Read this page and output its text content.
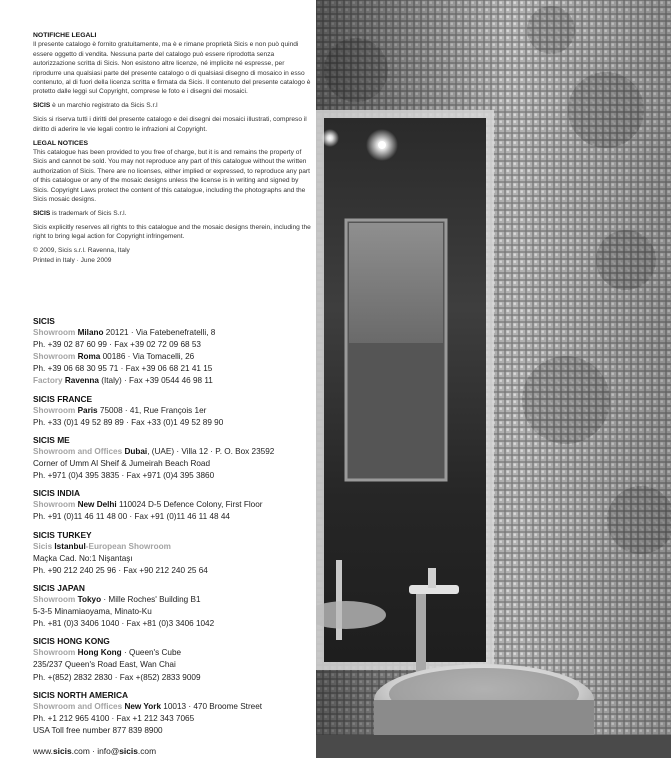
NOTIFICHE LEGALI

Il presente catalogo è fornito gratuitamente, ma è e rimane proprietà Sicis e non può quindi essere oggetto di vendita. Nessuna parte del catalogo può essere riprodotta senza autorizzazione scritta di Sicis. Non esistono altre licenze, né implicite né espresse, per riprodurre una qualsiasi parte del presente catalogo o di qualsiasi disegno di mosaico in esso contenuto, al di fuori della licenza scritta e firmata da Sicis. Il contenuto del presente catalogo è protetto dalle leggi sul Copyright, comprese le foto e i disegni dei mosaici.

SICIS è un marchio registrato da Sicis S.r.l

Sicis si riserva tutti i diritti del presente catalogo e dei disegni dei mosaici illustrati, compreso il diritto di aderire le vie legali contro le infrazioni al Copyright.

LEGAL NOTICES

This catalogue has been provided to you free of charge, but it is and remains the property of Sicis and cannot be sold. You may not reproduce any part of this catalogue without the written authorization of Sicis. There are no licenses, either implied or expressed, to reproduce any part of this catalogue or any of the mosaic designs unless the license is in writing and signed by Sicis. Copyright Laws protect the content of this catalogue, including the photographs and the Sicis mosaic designs.

SICIS is trademark of Sicis S.r.l.

Sicis explicitly reserves all rights to this catalogue and the mosaic designs therein, including the right to bring legal action for Copyright infringement.

© 2009, Sicis s.r.l. Ravenna, Italy
Printed in Italy · June 2009
SICIS
Showroom Milano 20121 · Via Fatebenefratelli, 8
Ph. +39 02 87 60 99 · Fax +39 02 72 09 68 53
Showroom Roma 00186 · Via Tomacelli, 26
Ph. +39 06 68 30 95 71 · Fax +39 06 68 21 41 15
Factory Ravenna (Italy) · Fax +39 0544 46 98 11
SICIS FRANCE
Showroom Paris 75008 · 41, Rue François 1er
Ph. +33 (0)1 49 52 89 89 · Fax +33 (0)1 49 52 89 90
SICIS ME
Showroom and Offices Dubai, (UAE) · Villa 12 · P. O. Box 23592
Corner of Umm Al Sheif & Jumeirah Beach Road
Ph. +971 (0)4 395 3835 · Fax +971 (0)4 395 3860
SICIS INDIA
Showroom New Delhi 110024 D-5 Defence Colony, First Floor
Ph. +91 (0)11 46 11 48 00 · Fax +91 (0)11 46 11 48 44
SICIS TURKEY
Sicis Istanbul-European Showroom
Maçka Cad. No:1 Nişantaşı
Ph. +90 212 240 25 96 · Fax +90 212 240 25 64
SICIS JAPAN
Showroom Tokyo · Mille Roches' Building B1
5-3-5 Minamiaoyama, Minato-Ku
Ph. +81 (0)3 3406 1040 · Fax +81 (0)3 3406 1042
SICIS HONG KONG
Showroom Hong Kong · Queen's Cube
235/237 Queen's Road East, Wan Chai
Ph. +(852) 2832 2830 · Fax +(852) 2833 9009
SICIS NORTH AMERICA
Showroom and Offices New York 10013 · 470 Broome Street
Ph. +1 212 965 4100 · Fax +1 212 343 7065
USA Toll free number 877 839 8900
www.sicis.com · info@sicis.com
